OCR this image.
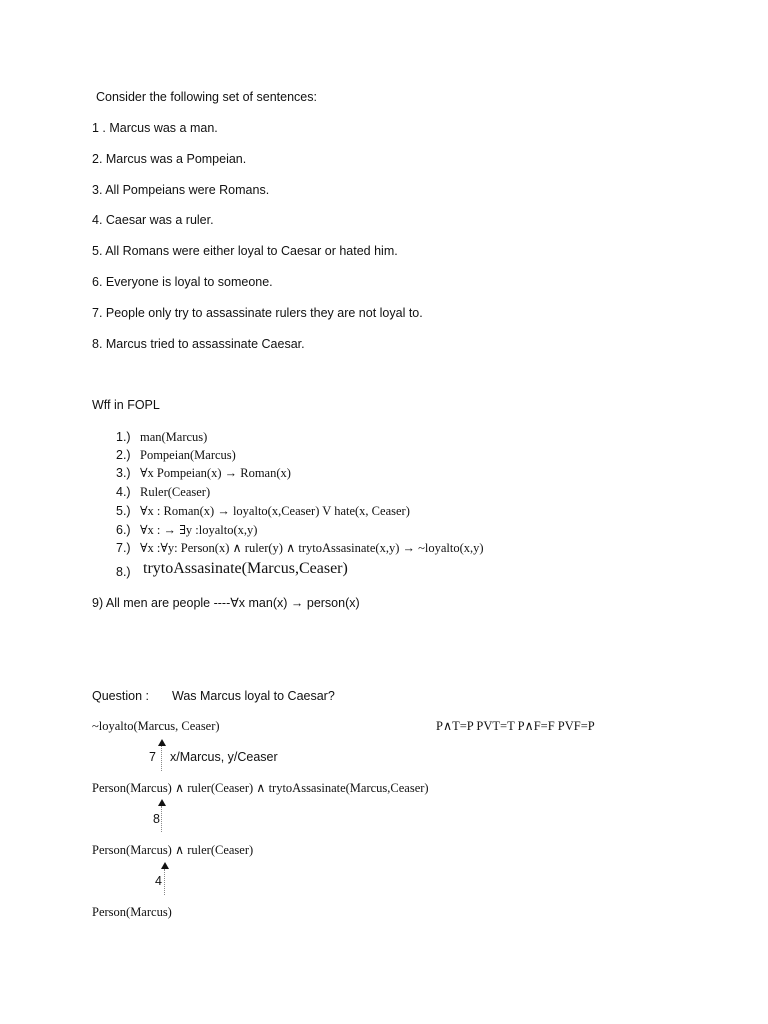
Consider the following set of sentences:
1 . Marcus was a man.
2. Marcus was a Pompeian.
3. All Pompeians were Romans.
4. Caesar was a ruler.
5. All Romans were either loyal to Caesar or hated him.
6. Everyone is loyal to someone.
7. People only try to assassinate rulers they are not loyal to.
8. Marcus tried to assassinate Caesar.
Wff in FOPL
1.) man(Marcus)
2.) Pompeian(Marcus)
3.) ∀x Pompeian(x) → Roman(x)
4.) Ruler(Ceaser)
5.) ∀x : Roman(x) → loyalto(x,Ceaser) V hate(x, Ceaser)
6.) ∀x : → ∃y :loyalto(x,y)
7.) ∀x :∀y: Person(x) ∧ ruler(y) ∧ trytoAssasinate(x,y) → ~loyalto(x,y)
8.) trytoAssasinate(Marcus,Ceaser)
9) All men are people ----∀x man(x) → person(x)
Question : Was Marcus loyal to Caesar?
~loyalto(Marcus, Ceaser)	P∧T=P PVT=T P∧F=F PVF=P
7 x/Marcus, y/Ceaser
Person(Marcus) ∧ ruler(Ceaser) ∧ trytoAssasinate(Marcus,Ceaser)
8
Person(Marcus) ∧ ruler(Ceaser)
4
Person(Marcus)
